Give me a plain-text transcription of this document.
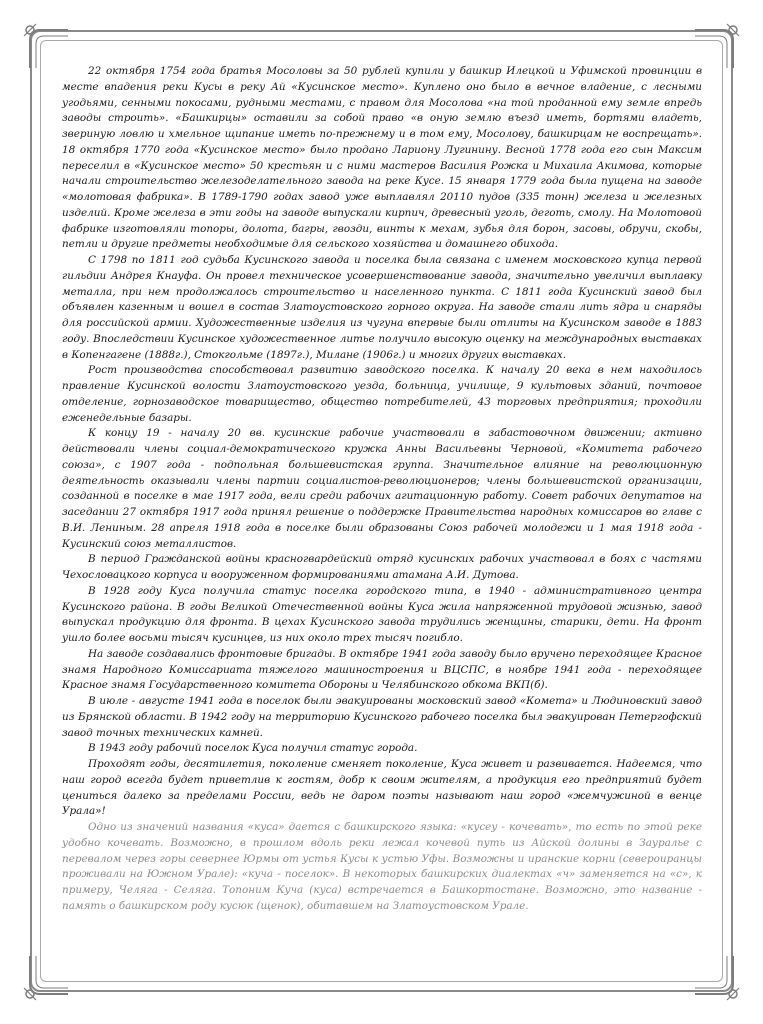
22 октября 1754 года братья Мосоловы за 50 рублей купили у башкир Илецкой и Уфимской провинции в месте впадения реки Кусы в реку Ай «Кусинское место». Куплено оно было в вечное владение, с лесными угодьями, сенными покосами, рудными местами, с правом для Мосолова «на той проданной ему земле впредь заводы строить». «Башкирцы» оставили за собой право «в оную землю въезд иметь, бортями владеть, звериную ловлю и хмельное щипание иметь по-прежнему и в том ему, Мосолову, башкирцам не воспрещать». 18 октября 1770 года «Кусинское место» было продано Лариону Лугинину. Весной 1778 года его сын Максим переселил в «Кусинское место» 50 крестьян и с ними мастеров Василия Рожка и Михаила Акимова, которые начали строительство железоделательного завода на реке Кусе. 15 января 1779 года была пущена на заводе «молотовая фабрика». В 1789-1790 годах завод уже выплавлял 20110 пудов (335 тонн) железа и железных изделий. Кроме железа в эти годы на заводе выпускали кирпич, древесный уголь, деготь, смолу. На Молотовой фабрике изготовляли топоры, долота, багры, гвозди, винты к мехам, зубья для борон, засовы, обручи, скобы, петли и другие предметы необходимые для сельского хозяйства и домашнего обихода.

С 1798 по 1811 год судьба Кусинского завода и поселка была связана с именем московского купца первой гильдии Андрея Кнауфа. Он провел техническое усовершенствование завода, значительно увеличил выплавку металла, при нем продолжалось строительство и населенного пункта. С 1811 года Кусинский завод был объявлен казенным и вошел в состав Златоустовского горного округа. На заводе стали лить ядра и снаряды для российской армии. Художественные изделия из чугуна впервые были отлиты на Кусинском заводе в 1883 году. Впоследствии Кусинское художественное литье получило высокую оценку на международных выставках в Копенгагене (1888г.), Стокгольме (1897г.), Милане (1906г.) и многих других выставках.

Рост производства способствовал развитию заводского поселка. К началу 20 века в нем находилось правление Кусинской волости Златоустовского уезда, больница, училище, 9 культовых зданий, почтовое отделение, горнозаводское товарищество, общество потребителей, 43 торговых предприятия; проходили еженедельные базары.

К концу 19 - началу 20 вв. кусинские рабочие участвовали в забастовочном движении; активно действовали члены социал-демократического кружка Анны Васильевны Черновой, «Комитета рабочего союза», с 1907 года - подпольная большевистская группа. Значительное влияние на революционную деятельность оказывали члены партии социалистов-революционеров; члены большевистской организации, созданной в поселке в мае 1917 года, вели среди рабочих агитационную работу. Совет рабочих депутатов на заседании 27 октября 1917 года принял решение о поддержке Правительства народных комиссаров во главе с В.И. Лениным. 28 апреля 1918 года в поселке были образованы Союз рабочей молодежи и 1 мая 1918 года - Кусинский союз металлистов.

В период Гражданской войны красногвардейский отряд кусинских рабочих участвовал в боях с частями Чехословацкого корпуса и вооруженном формированиями атамана А.И. Дутова.

В 1928 году Куса получила статус поселка городского типа, в 1940 - административного центра Кусинского района. В годы Великой Отечественной войны Куса жила напряженной трудовой жизнью, завод выпускал продукцию для фронта. В цехах Кусинского завода трудились женщины, старики, дети. На фронт ушло более восьми тысяч кусинцев, из них около трех тысяч погибло.

На заводе создавались фронтовые бригады. В октябре 1941 года заводу было вручено переходящее Красное знамя Народного Комиссариата тяжелого машиностроения и ВЦСПС, в ноябре 1941 года - переходящее Красное знамя Государственного комитета Обороны и Челябинского обкома ВКП(б).

В июле - августе 1941 года в поселок были эвакуированы московский завод «Комета» и Людиновский завод из Брянской области. В 1942 году на территорию Кусинского рабочего поселка был эвакуирован Петергофский завод точных технических камней.

В 1943 году рабочий поселок Куса получил статус города.

Проходят годы, десятилетия, поколение сменяет поколение, Куса живет и развивается. Надеемся, что наш город всегда будет приветлив к гостям, добр к своим жителям, а продукция его предприятий будет цениться далеко за пределами России, ведь не даром поэты называют наш город «жемчужиной в венце Урала»!

Одно из значений названия «куса» дается с башкирского языка: «кусеу - кочевать», то есть по этой реке удобно кочевать. Возможно, в прошлом вдоль реки лежал кочевой путь из Айской долины в Зауралье с перевалом через горы севернее Юрмы от устья Кусы к устью Уфы. Возможны и иранские корни (североиранцы проживали на Южном Урале): «куча - поселок». В некоторых башкирских диалектах «ч» заменяется на «с», к примеру, Челяга - Селяга. Топоним Куча (куса) встречается в Башкортостане. Возможно, это название - память о башкирском роду кусюк (щенок), обитавшем на Златоустовском Урале.
